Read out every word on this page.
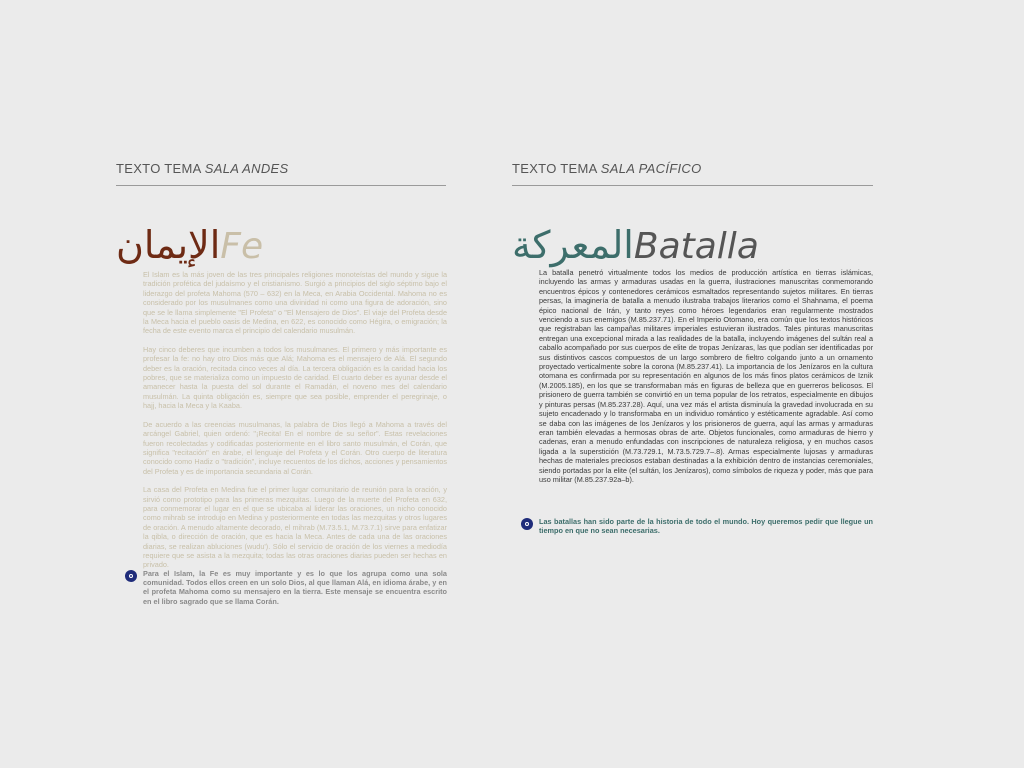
TEXTO TEMA SALA ANDES
الإيمان Fe

El Islam es la más joven de las tres principales religiones monoteístas del mundo y sigue la tradición profética del judaísmo y el cristianismo. Surgió a principios del siglo séptimo bajo el liderazgo del profeta Mahoma (570 – 632) en la Meca, en Arabia Occidental. Mahoma no es considerado por los musulmanes como una divinidad ni como una figura de adoración, sino que se le llama simplemente "El Profeta" o "El Mensajero de Dios". El viaje del Profeta desde la Meca hacia el pueblo oasis de Medina, en 622, es conocido como Hégira, o emigración; la fecha de este evento marca el principio del calendario musulmán.

Hay cinco deberes que incumben a todos los musulmanes. El primero y más importante es profesar la fe: no hay otro Dios más que Alá; Mahoma es el mensajero de Alá. El segundo deber es la oración, recitada cinco veces al día. La tercera obligación es la caridad hacia los pobres, que se materializa como un impuesto de caridad. El cuarto deber es ayunar desde el amanecer hasta la puesta del sol durante el Ramadán, el noveno mes del calendario musulmán. La quinta obligación es, siempre que sea posible, emprender el peregrinaje, o hajj, hacia la Meca y la Kaaba.

De acuerdo a las creencias musulmanas, la palabra de Dios llegó a Mahoma a través del arcángel Gabriel, quien ordenó: "¡Recita! En el nombre de su señor". Estas revelaciones fueron recolectadas y codificadas posteriormente en el libro santo musulmán, el Corán, que significa "recitación" en árabe, el lenguaje del Profeta y el Corán. Otro cuerpo de literatura conocido como Hadiz o "tradición", incluye recuentos de los dichos, acciones y pensamientos del Profeta y es de importancia secundaria al Corán.

La casa del Profeta en Medina fue el primer lugar comunitario de reunión para la oración, y sirvió como prototipo para las primeras mezquitas. Luego de la muerte del Profeta en 632, para conmemorar el lugar en el que se ubicaba al liderar las oraciones, un nicho conocido como mihrab se introdujo en Medina y posteriormente en todas las mezquitas y otros lugares de oración. A menudo altamente decorado, el mihrab (M.73.5.1, M.73.7.1) sirve para enfatizar la qibla, o dirección de oración, que es hacia la Meca. Antes de cada una de las oraciones diarias, se realizan abluciones (wudu'). Sólo el servicio de oración de los viernes a mediodía requiere que se asista a la mezquita; todas las otras oraciones diarias pueden ser hechas en privado.

Para el Islam, la Fe es muy importante y es lo que los agrupa como una sola comunidad. Todos ellos creen en un solo Dios, al que llaman Alá, en idioma árabe, y en el profeta Mahoma como su mensajero en la tierra. Este mensaje se encuentra escrito en el libro sagrado que se llama Corán.
TEXTO TEMA SALA PACÍFICO
المعركة Batalla

La batalla penetró virtualmente todos los medios de producción artística en tierras islámicas, incluyendo las armas y armaduras usadas en la guerra, ilustraciones manuscritas conmemorando encuentros épicos y contenedores cerámicos esmaltados representando sujetos militares. En tierras persas, la imaginería de batalla a menudo ilustraba trabajos literarios como el Shahnama, el poema épico nacional de Irán, y tanto reyes como héroes legendarios eran regularmente mostrados venciendo a sus enemigos (M.85.237.71). En el Imperio Otomano, era común que los textos históricos que registraban las campañas militares imperiales estuvieran ilustrados. Tales pinturas manuscritas entregan una excepcional mirada a las realidades de la batalla, incluyendo imágenes del sultán real a caballo acompañado por sus cuerpos de elite de tropas Jenízaras, las que podían ser identificadas por sus distintivos cascos compuestos de un largo sombrero de fieltro colgando junto a un ornamento proyectado verticalmente sobre la corona (M.85.237.41). La importancia de los Jenízaros en la cultura otomana es confirmada por su representación en algunos de los más finos platos cerámicos de Iznik (M.2005.185), en los que se transformaban más en figuras de belleza que en guerreros belicosos. El prisionero de guerra también se convirtió en un tema popular de los retratos, especialmente en dibujos y pinturas persas (M.85.237.28). Aquí, una vez más el artista disminuía la gravedad involucrada en su sujeto encadenado y lo transformaba en un individuo romántico y estéticamente agradable. Así como se daba con las imágenes de los Jenízaros y los prisioneros de guerra, aquí las armas y armaduras eran también elevadas a hermosas obras de arte. Objetos funcionales, como armaduras de hierro y cadenas, eran a menudo enfundadas con inscripciones de naturaleza religiosa, y en muchos casos ligada a la superstición (M.73.729.1, M.73.5.729.7–.8). Armas especialmente lujosas y armaduras hechas de materiales preciosos estaban destinadas a la exhibición dentro de instancias ceremoniales, siendo portadas por la elite (el sultán, los Jenízaros), como símbolos de riqueza y poder, más que para uso militar (M.85.237.92a–b).

Las batallas han sido parte de la historia de todo el mundo. Hoy queremos pedir que llegue un tiempo en que no sean necesarias.
